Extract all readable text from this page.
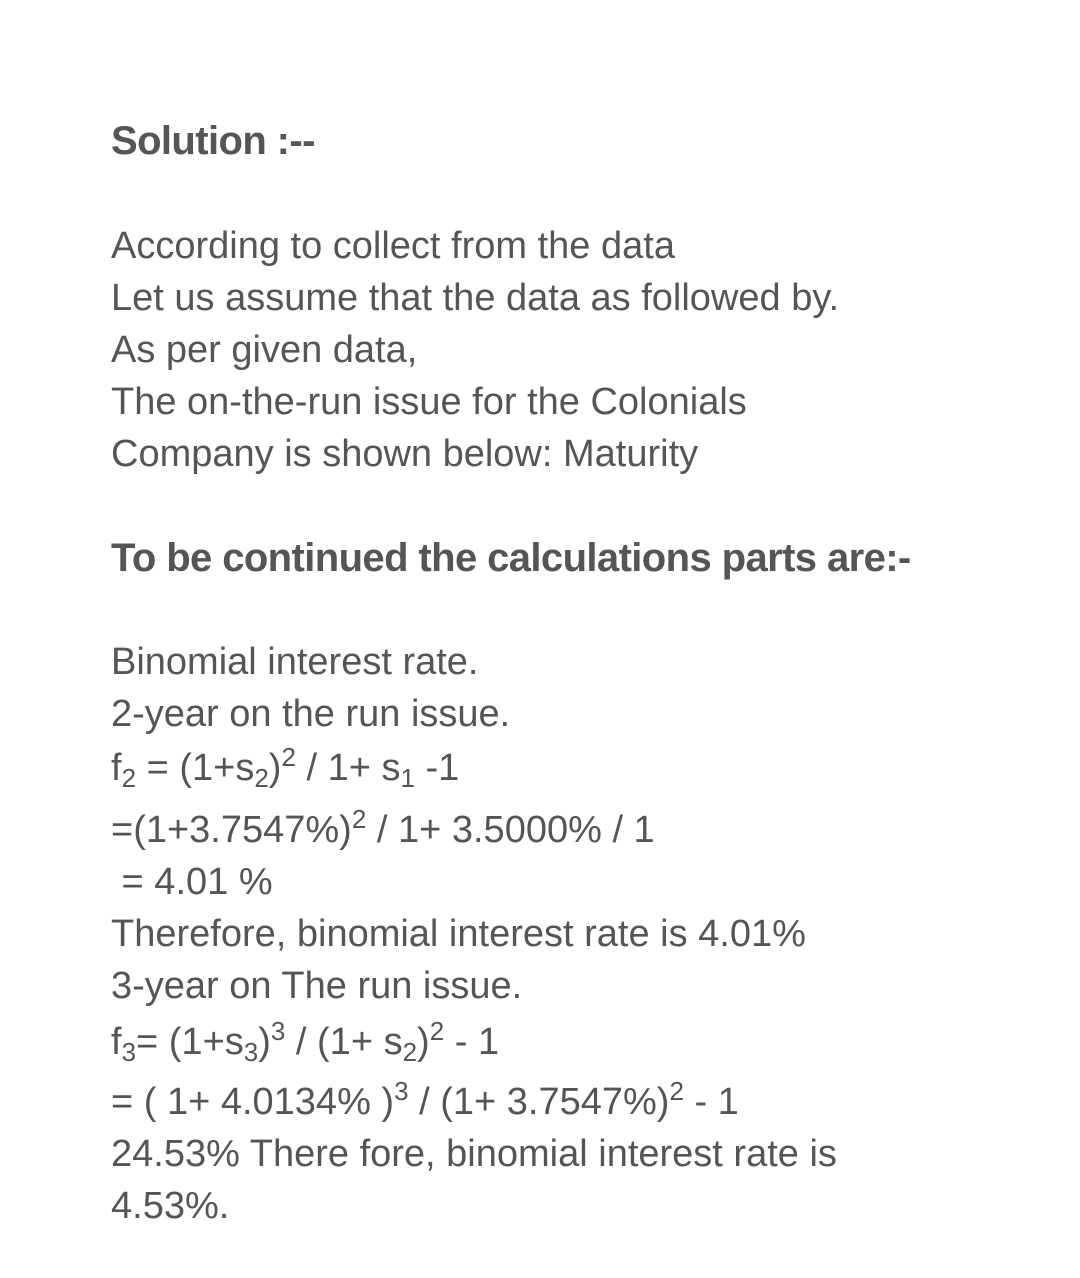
Solution :--
According to collect from the data
Let us assume that the data as followed by.
As per given data,
The on-the-run issue for the Colonials
Company is shown below: Maturity
To be continued the calculations parts are:-
Binomial interest rate.
2-year on the run issue.
$f_2 = (1+s_2)^2 / 1+ s_1$ -1
$=(1+3.7547\%)^2 / 1+ 3.5000\% / 1$
= 4.01 %
Therefore, binomial interest rate is 4.01%
3-year on The run issue.
$f_3= (1+s_3)^3 / (1+ s_2)^2 - 1$
= ( 1+ 4.0134% )$^3 / (1+ 3.7547\%)^2 - 1$
24.53% There fore, binomial interest rate is
4.53%.
